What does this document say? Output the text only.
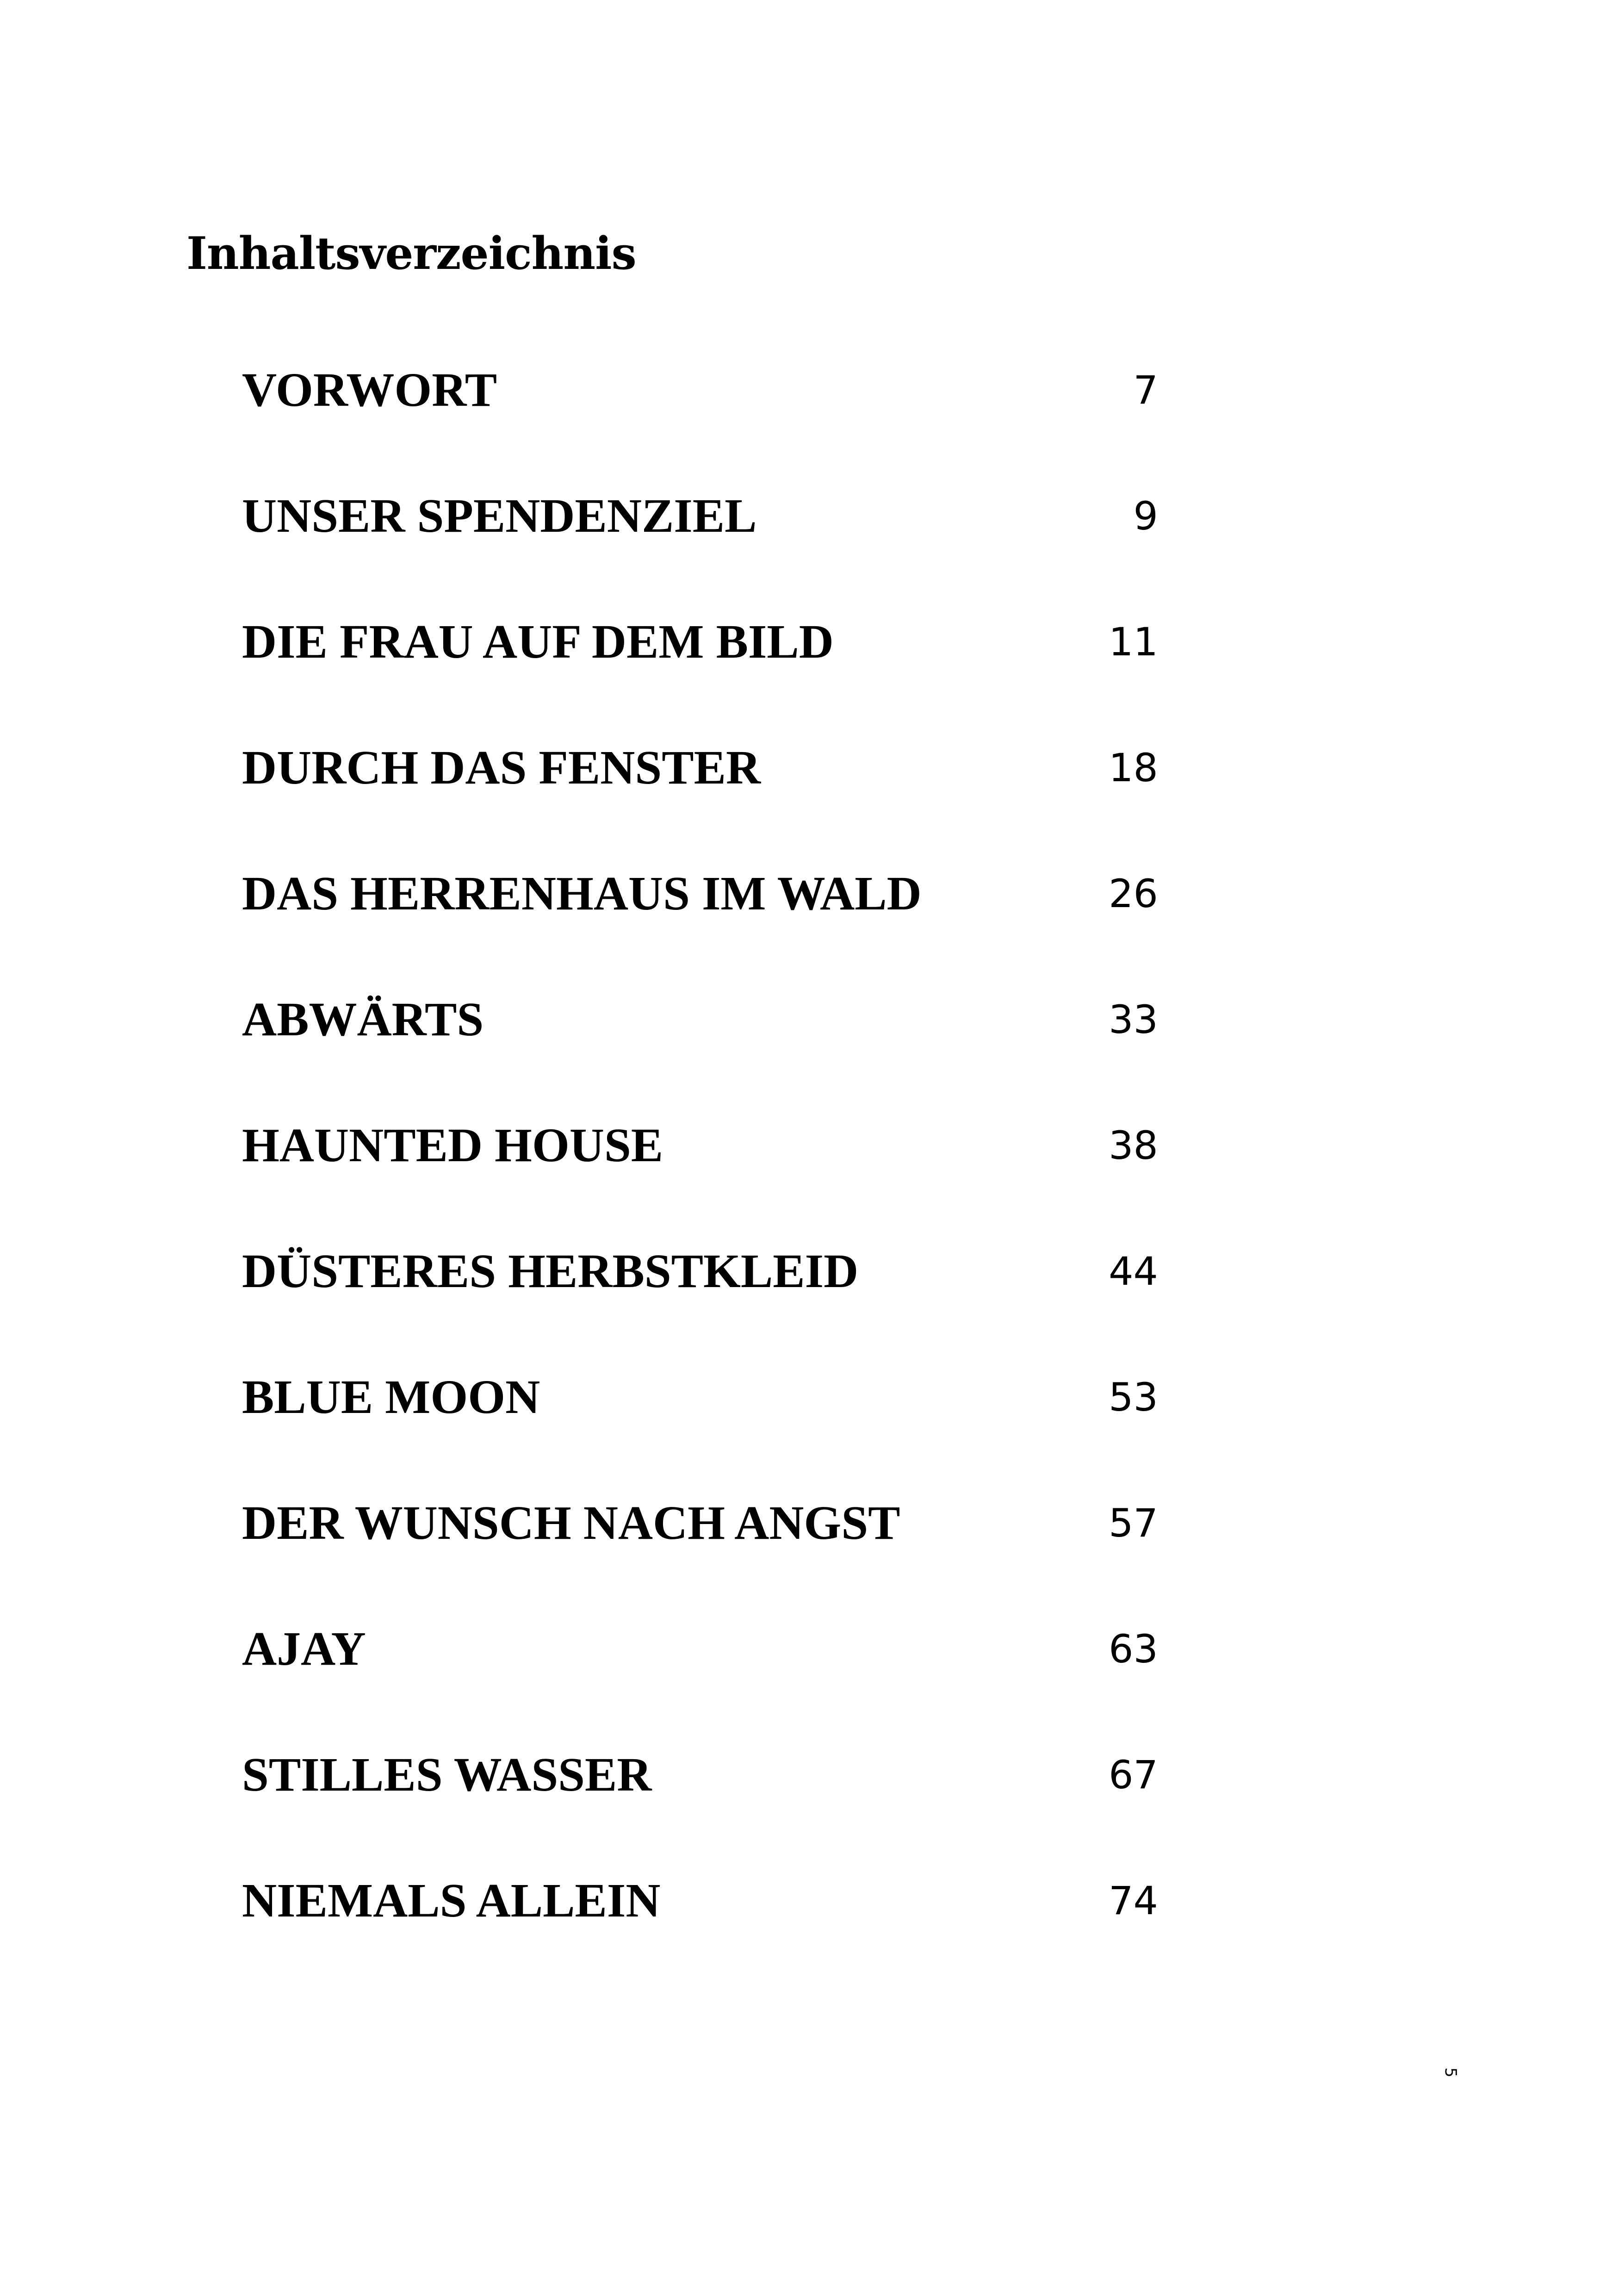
Inhaltsverzeichnis
VORWORT	7
UNSER SPENDENZIEL	9
DIE FRAU AUF DEM BILD	11
DURCH DAS FENSTER	18
DAS HERRENHAUS IM WALD	26
ABWÄRTS	33
HAUNTED HOUSE	38
DÜSTERES HERBSTKLEID	44
BLUE MOON	53
DER WUNSCH NACH ANGST	57
AJAY	63
STILLES WASSER	67
NIEMALS ALLEIN	74
5
